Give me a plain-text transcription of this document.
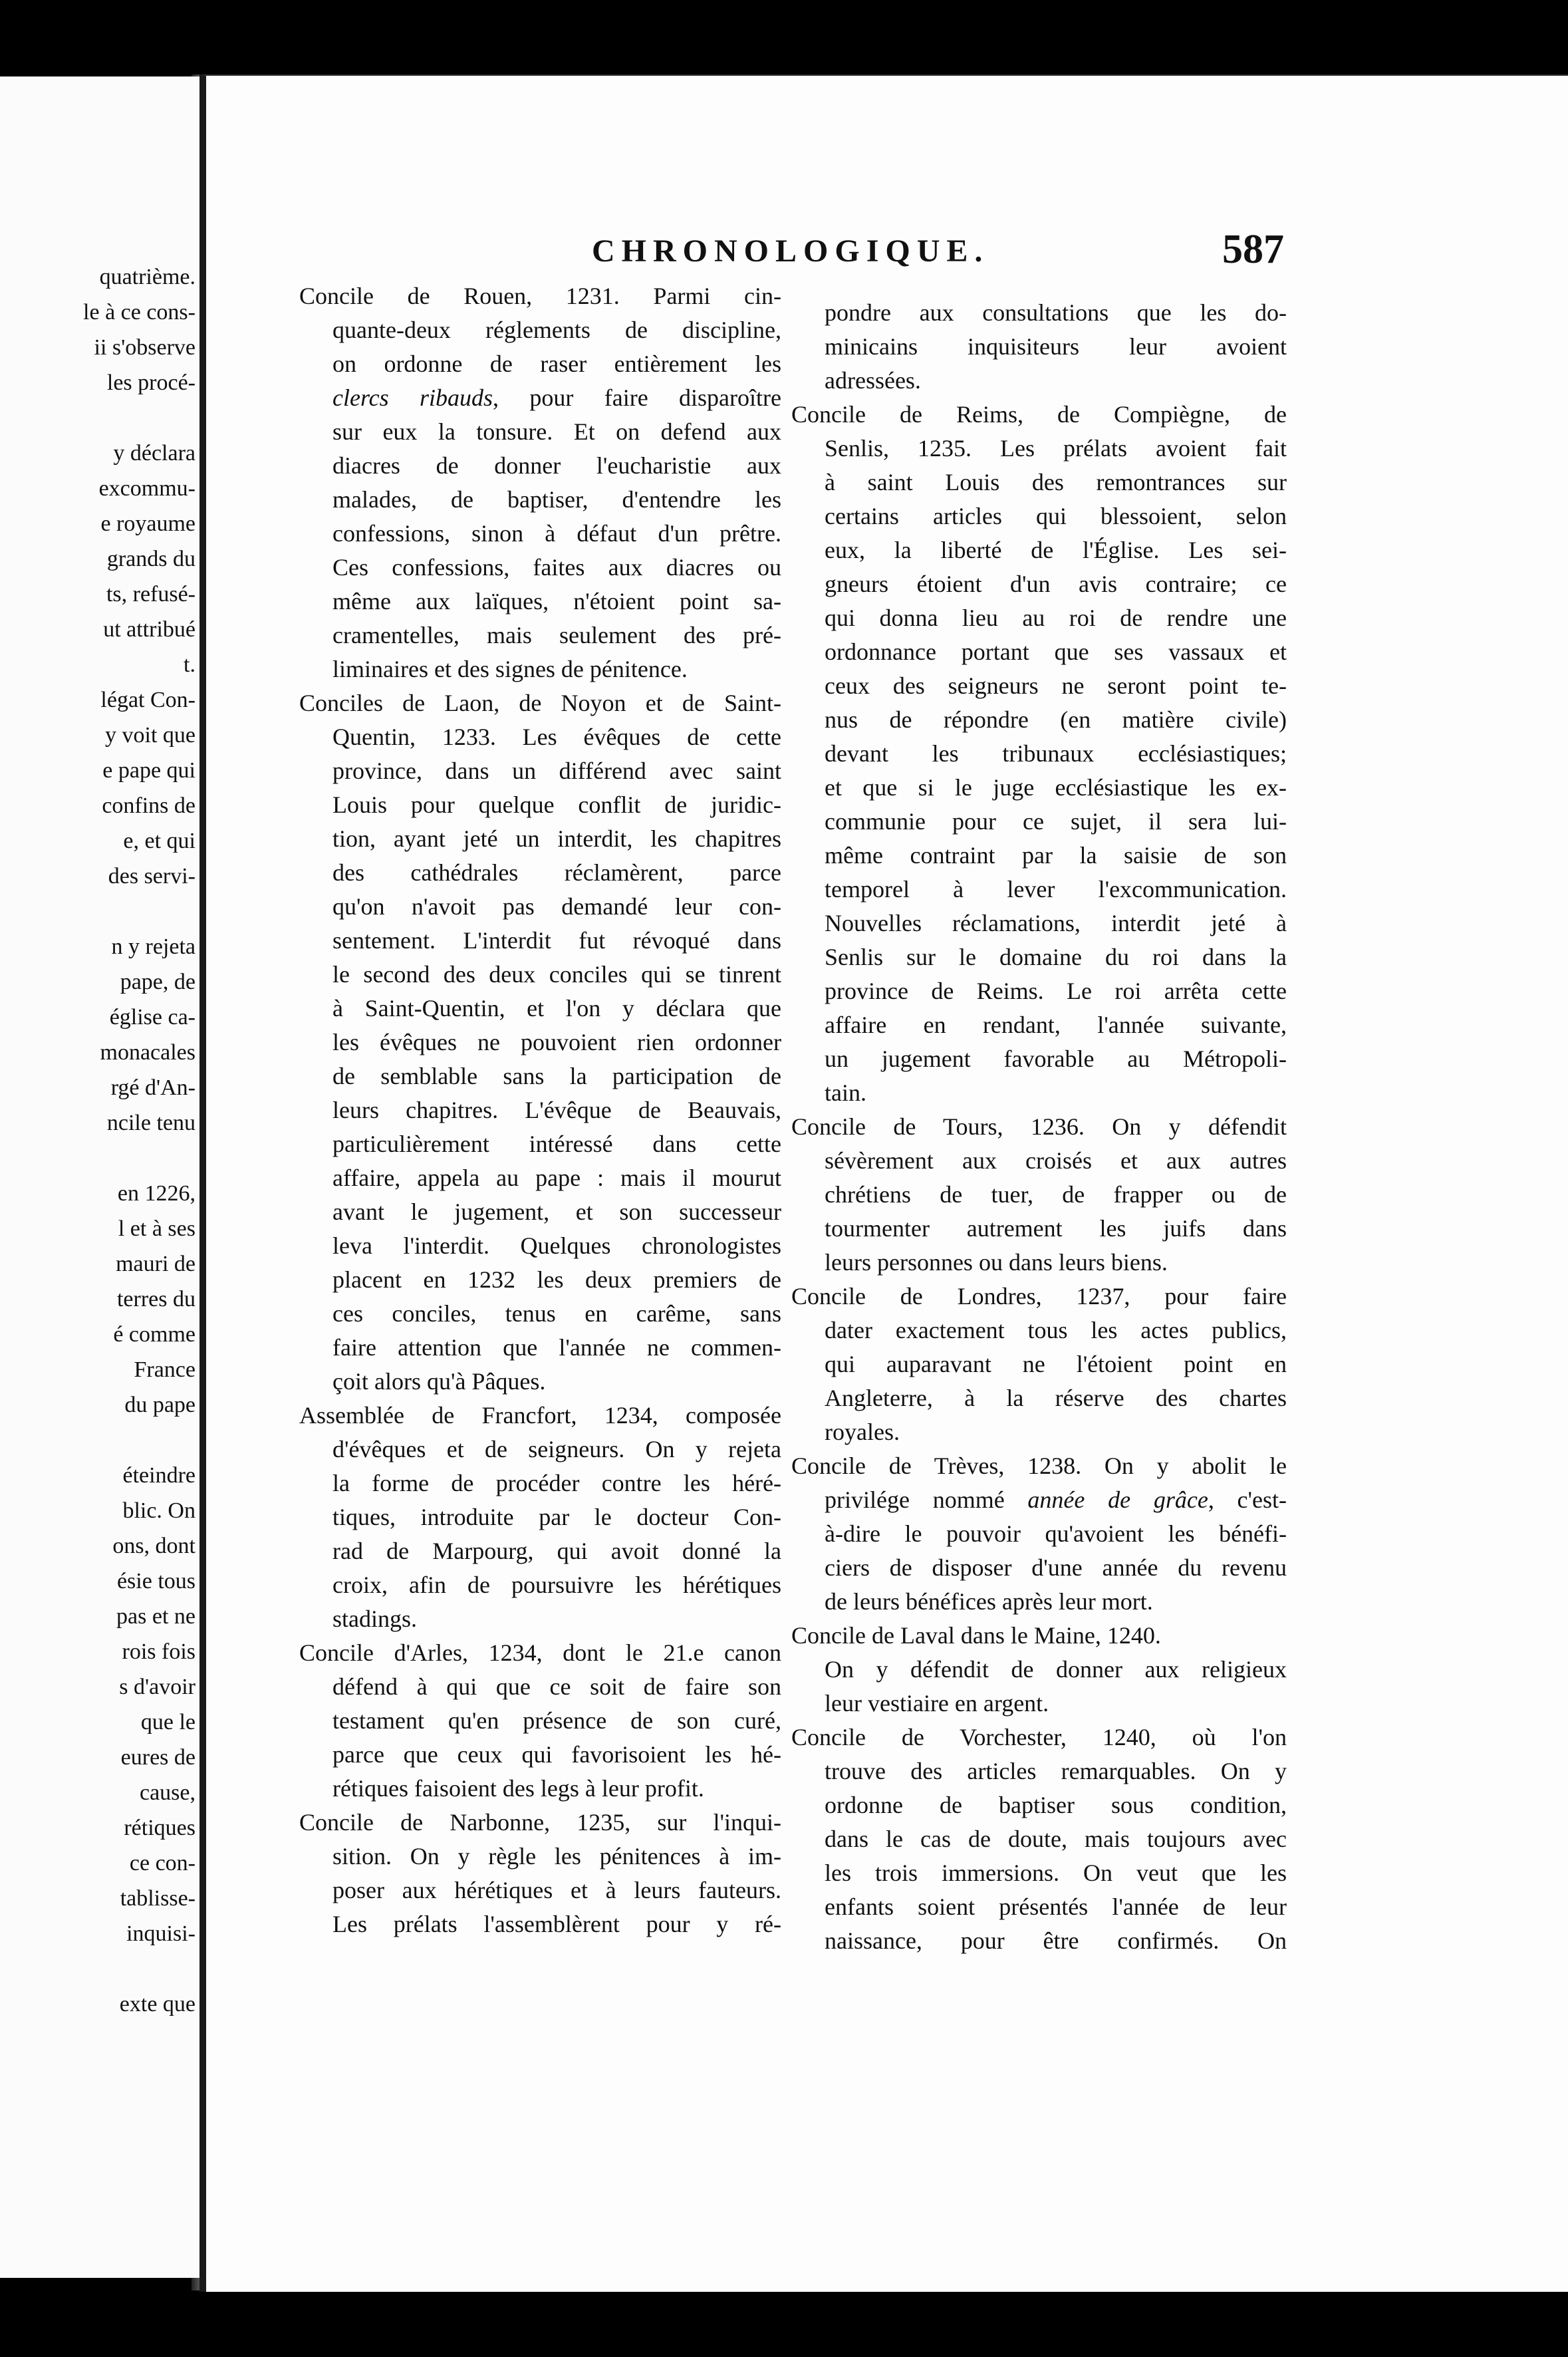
quatrième.
le à ce cons-
ii s'observe
les procé-
y déclara
excommu-
e royaume
grands du
ts, refusé-
ut attribué
t.
légat Con-
y voit que
e pape qui
confins de
e, et qui
des servi-
n y rejeta
pape, de
église ca-
monacales
rgé d'An-
ncile tenu
en 1226,
l et à ses
mauri de
terres du
é comme
France
du pape
éteindre
blic. On
ons, dont
ésie tous
pas et ne
rois fois
s d'avoir
que le
eures de
cause,
rétiques
ce con-
tablisse-
inquisi-
exte que
CHRONOLOGIQUE.	587
Concile de Rouen, 1231. Parmi cin-
quante-deux réglements de discipline,
on ordonne de raser entièrement les
clercs ribauds, pour faire disparoître
sur eux la tonsure. Et on defend aux
diacres de donner l'eucharistie aux
malades, de baptiser, d'entendre les
confessions, sinon à défaut d'un prêtre.
Ces confessions, faites aux diacres ou
même aux laïques, n'étoient point sa-
cramentelles, mais seulement des pré-
liminaires et des signes de pénitence.
Conciles de Laon, de Noyon et de Saint-
Quentin, 1233. Les évêques de cette
province, dans un différend avec saint
Louis pour quelque conflit de juridic-
tion, ayant jeté un interdit, les chapitres
des cathédrales réclamèrent, parce
qu'on n'avoit pas demandé leur con-
sentement. L'interdit fut révoqué dans
le second des deux conciles qui se tinrent
à Saint-Quentin, et l'on y déclara que
les évêques ne pouvoient rien ordonner
de semblable sans la participation de
leurs chapitres. L'évêque de Beauvais,
particulièrement intéressé dans cette
affaire, appela au pape : mais il mourut
avant le jugement, et son successeur
leva l'interdit. Quelques chronologistes
placent en 1232 les deux premiers de
ces conciles, tenus en carême, sans
faire attention que l'année ne commen-
çoit alors qu'à Pâques.
Assemblée de Francfort, 1234, composée
d'évêques et de seigneurs. On y rejeta
la forme de procéder contre les héré-
tiques, introduite par le docteur Con-
rad de Marpourg, qui avoit donné la
croix, afin de poursuivre les hérétiques
stadings.
Concile d'Arles, 1234, dont le 21.e canon
défend à qui que ce soit de faire son
testament qu'en présence de son curé,
parce que ceux qui favorisoient les hé-
rétiques faisoient des legs à leur profit.
Concile de Narbonne, 1235, sur l'inqui-
sition. On y règle les pénitences à im-
poser aux hérétiques et à leurs fauteurs.
Les prélats l'assemblèrent pour y ré-
pondre aux consultations que les do-
minicains inquisiteurs leur avoient
adressées.
Concile de Reims, de Compiègne, de
Senlis, 1235. Les prélats avoient fait
à saint Louis des remontrances sur
certains articles qui blessoient, selon
eux, la liberté de l'Église. Les sei-
gneurs étoient d'un avis contraire; ce
qui donna lieu au roi de rendre une
ordonnance portant que ses vassaux et
ceux des seigneurs ne seront point te-
nus de répondre (en matière civile)
devant les tribunaux ecclésiastiques;
et que si le juge ecclésiastique les ex-
communie pour ce sujet, il sera lui-
même contraint par la saisie de son
temporel à lever l'excommunication.
Nouvelles réclamations, interdit jeté à
Senlis sur le domaine du roi dans la
province de Reims. Le roi arrêta cette
affaire en rendant, l'année suivante,
un jugement favorable au Métropoli-
tain.
Concile de Tours, 1236. On y défendit
sévèrement aux croisés et aux autres
chrétiens de tuer, de frapper ou de
tourmenter autrement les juifs dans
leurs personnes ou dans leurs biens.
Concile de Londres, 1237, pour faire
dater exactement tous les actes publics,
qui auparavant ne l'étoient point en
Angleterre, à la réserve des chartes
royales.
Concile de Trèves, 1238. On y abolit le
privilége nommé année de grâce, c'est-
à-dire le pouvoir qu'avoient les bénéfi-
ciers de disposer d'une année du revenu
de leurs bénéfices après leur mort.
Concile de Laval dans le Maine, 1240.
On y défendit de donner aux religieux
leur vestiaire en argent.
Concile de Vorchester, 1240, où l'on
trouve des articles remarquables. On y
ordonne de baptiser sous condition,
dans le cas de doute, mais toujours avec
les trois immersions. On veut que les
enfants soient présentés l'année de leur
naissance, pour être confirmés. On
